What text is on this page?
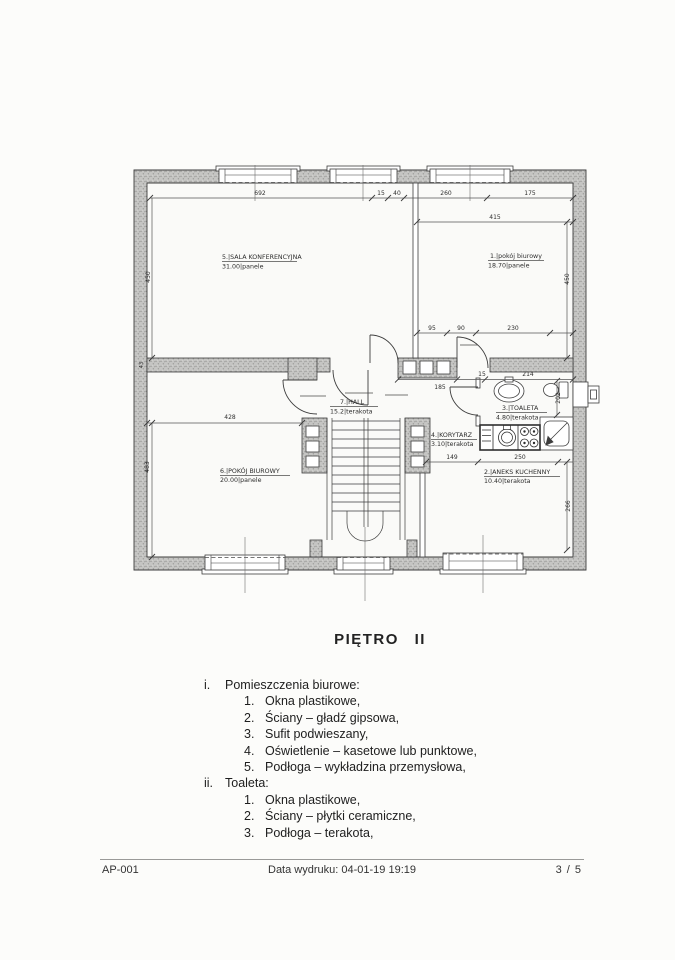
692	15 40	260	175
415
450	450
95	90	230
185
15	214
202
43
428
483
149	250
266
5.|SALA KONFERENCYJNA
31.00|panele
1.|pokój biurowy
18.70|panele
7.|HALL
15.2|terakota	3.|TOALETA
4.80|terakota
4.|KORYTARZ
3.10|terakota
2.|ANEKS KUCHENNY
10.40|terakota
6.|POKÓJ BIUROWY
20.00|panele
PIĘTRO II
i.	Pomieszczenia biurowe:
1. Okna plastikowe,
2. Ściany – gładź gipsowa,
3. Sufit podwieszany,
4. Oświetlenie – kasetowe lub punktowe,
5. Podłoga – wykładzina przemysłowa,
ii. Toaleta:
1. Okna plastikowe,
2. Ściany – płytki ceramiczne,
3. Podłoga – terakota,
AP-001	Data wydruku: 04-01-19 19:19	3 / 5
